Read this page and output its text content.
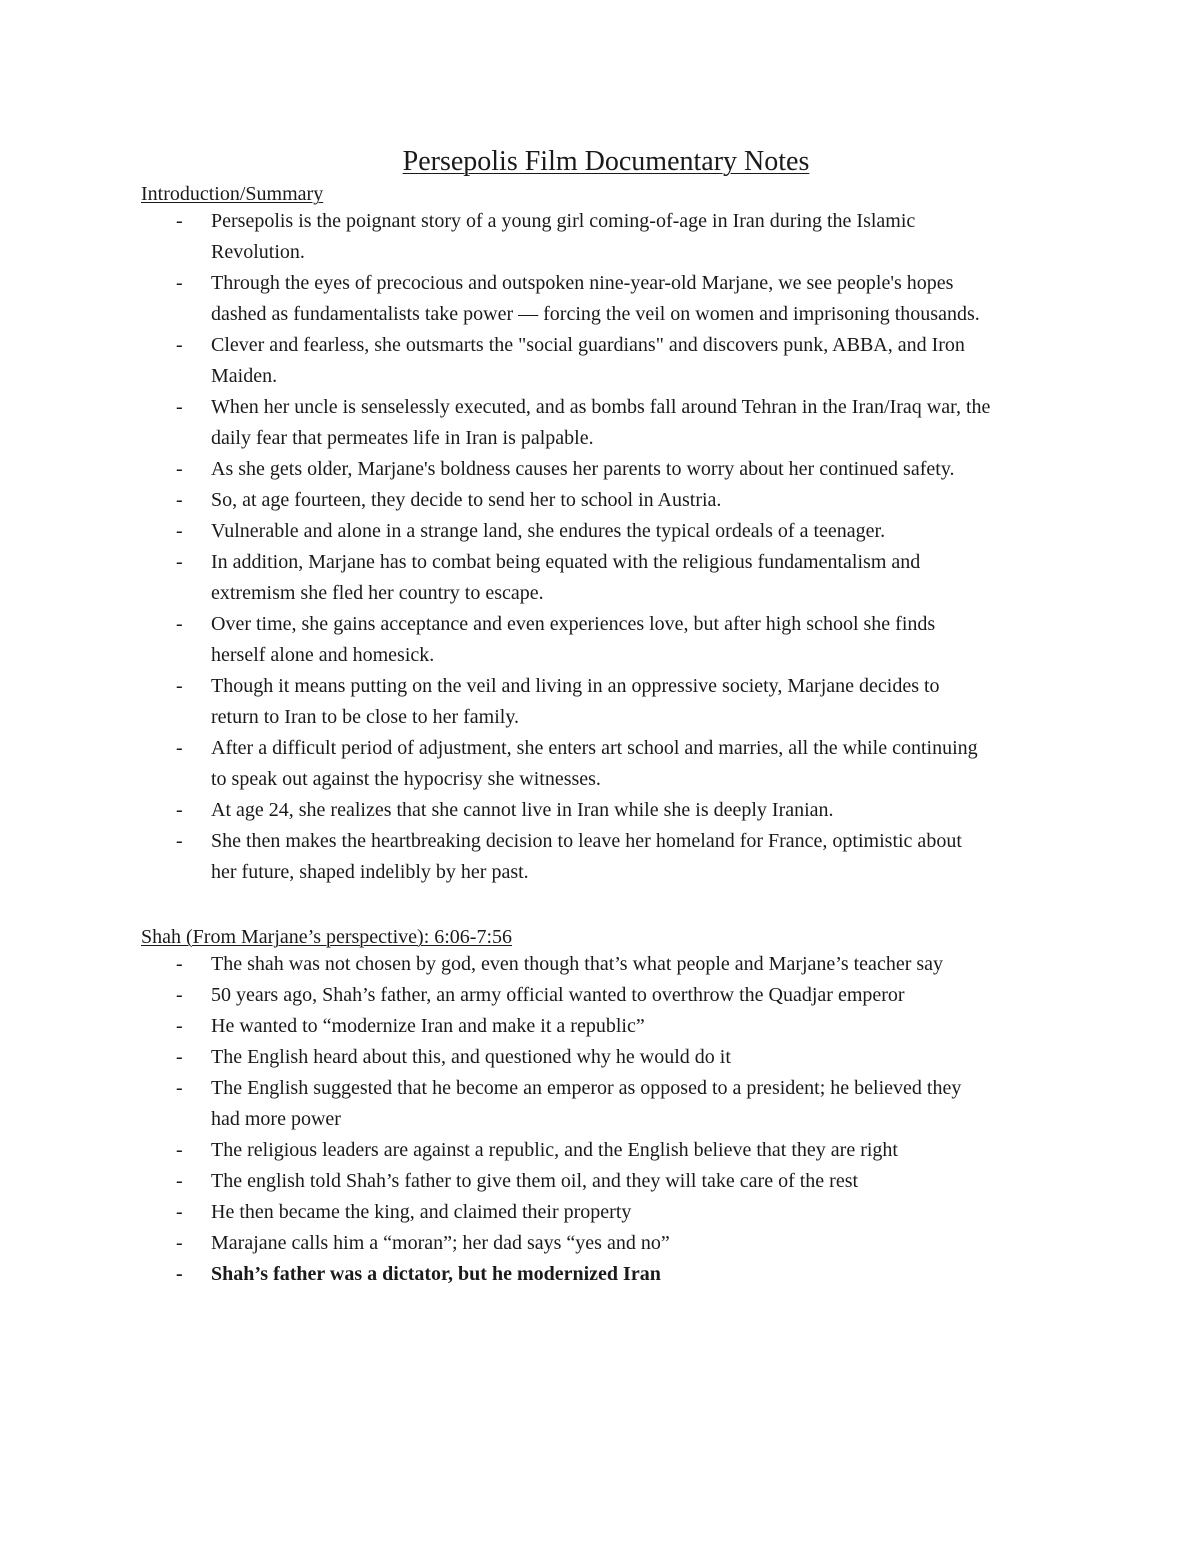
Persepolis Film Documentary Notes
Introduction/Summary
- Persepolis is the poignant story of a young girl coming-of-age in Iran during the Islamic Revolution.
- Through the eyes of precocious and outspoken nine-year-old Marjane, we see people's hopes dashed as fundamentalists take power — forcing the veil on women and imprisoning thousands.
- Clever and fearless, she outsmarts the "social guardians" and discovers punk, ABBA, and Iron Maiden.
- When her uncle is senselessly executed, and as bombs fall around Tehran in the Iran/Iraq war, the daily fear that permeates life in Iran is palpable.
- As she gets older, Marjane's boldness causes her parents to worry about her continued safety.
- So, at age fourteen, they decide to send her to school in Austria.
- Vulnerable and alone in a strange land, she endures the typical ordeals of a teenager.
- In addition, Marjane has to combat being equated with the religious fundamentalism and extremism she fled her country to escape.
- Over time, she gains acceptance and even experiences love, but after high school she finds herself alone and homesick.
- Though it means putting on the veil and living in an oppressive society, Marjane decides to return to Iran to be close to her family.
- After a difficult period of adjustment, she enters art school and marries, all the while continuing to speak out against the hypocrisy she witnesses.
- At age 24, she realizes that she cannot live in Iran while she is deeply Iranian.
- She then makes the heartbreaking decision to leave her homeland for France, optimistic about her future, shaped indelibly by her past.
Shah (From Marjane’s perspective): 6:06-7:56
- The shah was not chosen by god, even though that’s what people and Marjane’s teacher say
- 50 years ago, Shah’s father, an army official wanted to overthrow the Quadjar emperor
- He wanted to “modernize Iran and make it a republic”
- The English heard about this, and questioned why he would do it
- The English suggested that he become an emperor as opposed to a president; he believed they had more power
- The religious leaders are against a republic, and the English believe that they are right
- The english told Shah’s father to give them oil, and they will take care of the rest
- He then became the king, and claimed their property
- Marajane calls him a “moran”; her dad says “yes and no”
- Shah’s father was a dictator, but he modernized Iran
